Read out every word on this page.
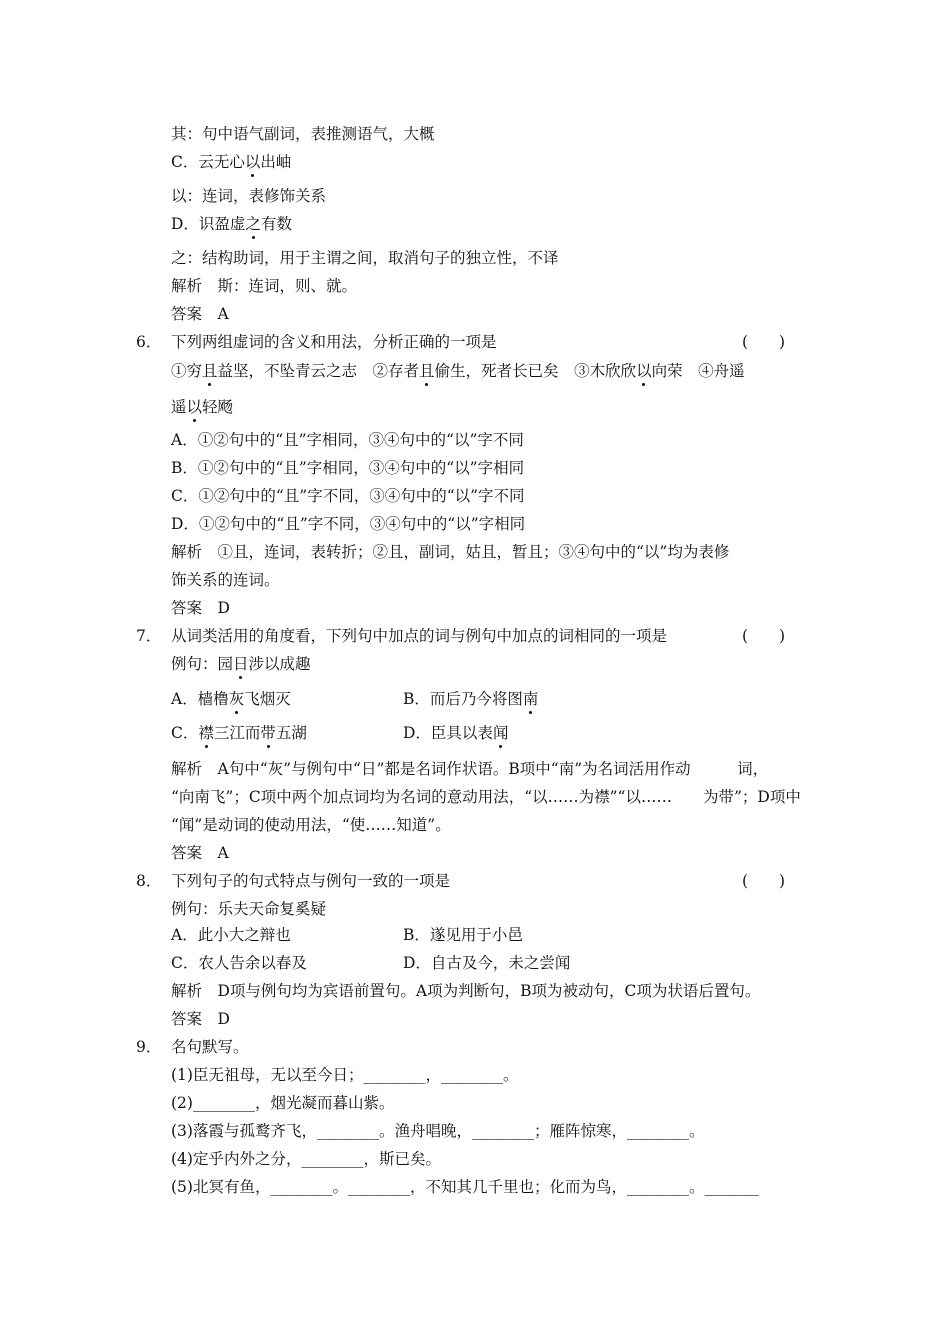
其：句中语气副词，表推测语气，大概
C．云无心以出岫
以：连词，表修饰关系
D．识盈虚之有数
之：结构助词，用于主谓之间，取消句子的独立性，不译
解析　斯：连词，则、就。
答案　A
6． 下列两组虚词的含义和用法，分析正确的一项是	(　　)
①穷且益坚，不坠青云之志　②存者且偷生，死者长已矣　③木欣欣以向荣　④舟遥
遥以轻飏
A．①②句中的“且”字相同，③④句中的“以”字不同
B．①②句中的“且”字相同，③④句中的“以”字相同
C．①②句中的“且”字不同，③④句中的“以”字不同
D．①②句中的“且”字不同，③④句中的“以”字相同
解析　①且，连词，表转折；②且，副词，姑且，暂且；③④句中的“以”均为表修
饰关系的连词。
答案　D
7． 从词类活用的角度看，下列句中加点的词与例句中加点的词相同的一项是	(　　)
例句：园日涉以成趣
A．樯橹灰飞烟灭	B．而后乃今将图南
C．襟三江而带五湖	D．臣具以表闻
解析　A句中“灰”与例句中“日”都是名词作状语。B项中“南”为名词活用作动　　　词，
“向南飞”；C项中两个加点词均为名词的意动用法，“以……为襟”“以……　　为带”；D项中
“闻”是动词的使动用法，“使……知道”。
答案　A
8． 下列句子的句式特点与例句一致的一项是	(　　)
例句：乐夫天命复奚疑
A．此小大之辩也	B．遂见用于小邑
C．农人告余以春及	D．自古及今，未之尝闻
解析　D项与例句均为宾语前置句。A项为判断句，B项为被动句，C项为状语后置句。
答案　D
9． 名句默写。
(1)臣无祖母，无以至今日；________，________。
(2)________，烟光凝而暮山紫。
(3)落霞与孤鹜齐飞，________。渔舟唱晚，________；雁阵惊寒，________。
(4)定乎内外之分，________，斯已矣。
(5)北冥有鱼，________。________，不知其几千里也；化而为鸟，________。_______
